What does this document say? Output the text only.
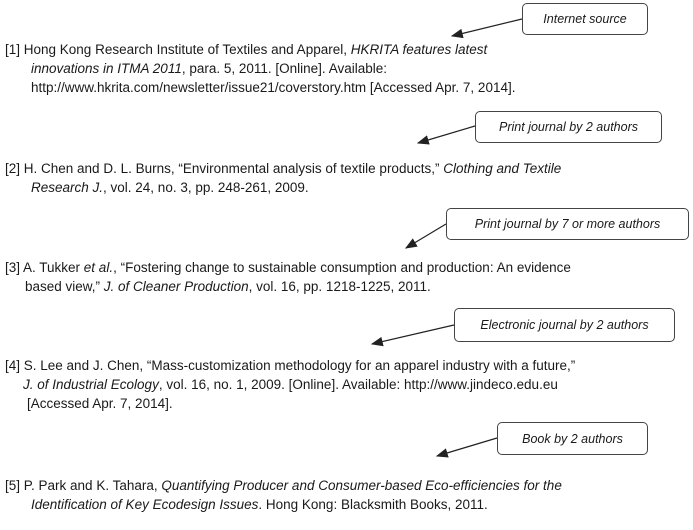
Internet source
Print journal by 2 authors
Print journal by 7 or more authors
Electronic journal by 2 authors
Book by 2 authors
[1] Hong Kong Research Institute of Textiles and Apparel, HKRITA features latest
innovations in ITMA 2011, para. 5, 2011. [Online]. Available:
http://www.hkrita.com/newsletter/issue21/coverstory.htm [Accessed Apr. 7, 2014].
[2] H. Chen and D. L. Burns, “Environmental analysis of textile products,” Clothing and Textile
Research J., vol. 24, no. 3, pp. 248-261, 2009.
[3] A. Tukker et al., “Fostering change to sustainable consumption and production: An evidence
based view,” J. of Cleaner Production, vol. 16, pp. 1218-1225, 2011.
[4] S. Lee and J. Chen, “Mass-customization methodology for an apparel industry with a future,”
J. of Industrial Ecology, vol. 16, no. 1, 2009. [Online]. Available: http://www.jindeco.edu.eu
[Accessed Apr. 7, 2014].
[5] P. Park and K. Tahara, Quantifying Producer and Consumer-based Eco-efficiencies for the
Identification of Key Ecodesign Issues. Hong Kong: Blacksmith Books, 2011.
